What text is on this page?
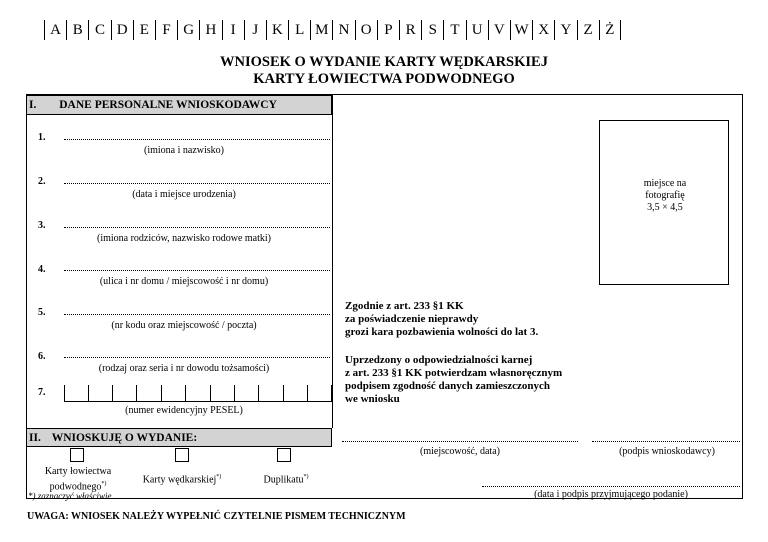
A B C D E F G H I	J K L M N O P R S T U V W X Y Z Ż
WNIOSEK O WYDANIE KARTY WĘDKARSKIEJ
KARTY ŁOWIECTWA PODWODNEGO
I. DANE PERSONALNE WNIOSKODAWCY
1.
(imiona i nazwisko)
2.
(data i miejsce urodzenia)
3.
(imiona rodziców, nazwisko rodowe matki)
4.
(ulica i nr domu / miejscowość i nr domu)
5.
(nr kodu oraz miejscowość / poczta)
6.
(rodzaj oraz seria i nr dowodu tożsamości)
7.
(numer ewidencyjny PESEL)
miejsce na
fotografię
3,5 × 4,5
Zgodnie z art. 233 §1 KK
za poświadczenie nieprawdy
grozi kara pozbawienia wolności do lat 3.
Uprzedzony o odpowiedzialności karnej
z art. 233 §1 KK potwierdzam własnoręcznym
podpisem zgodność danych zamieszczonych
we wniosku
II. WNIOSKUJĘ O WYDANIE:
Karty łowiectwa
podwodnego*)	Karty wędkarskiej*)	Duplikatu*)
*) zaznaczyć właściwie
(miejscowość, data)	(podpis wnioskodawcy)
(data i podpis przyjmującego podanie)
UWAGA: WNIOSEK NALEŻY WYPEŁNIĆ CZYTELNIE PISMEM TECHNICZNYM
